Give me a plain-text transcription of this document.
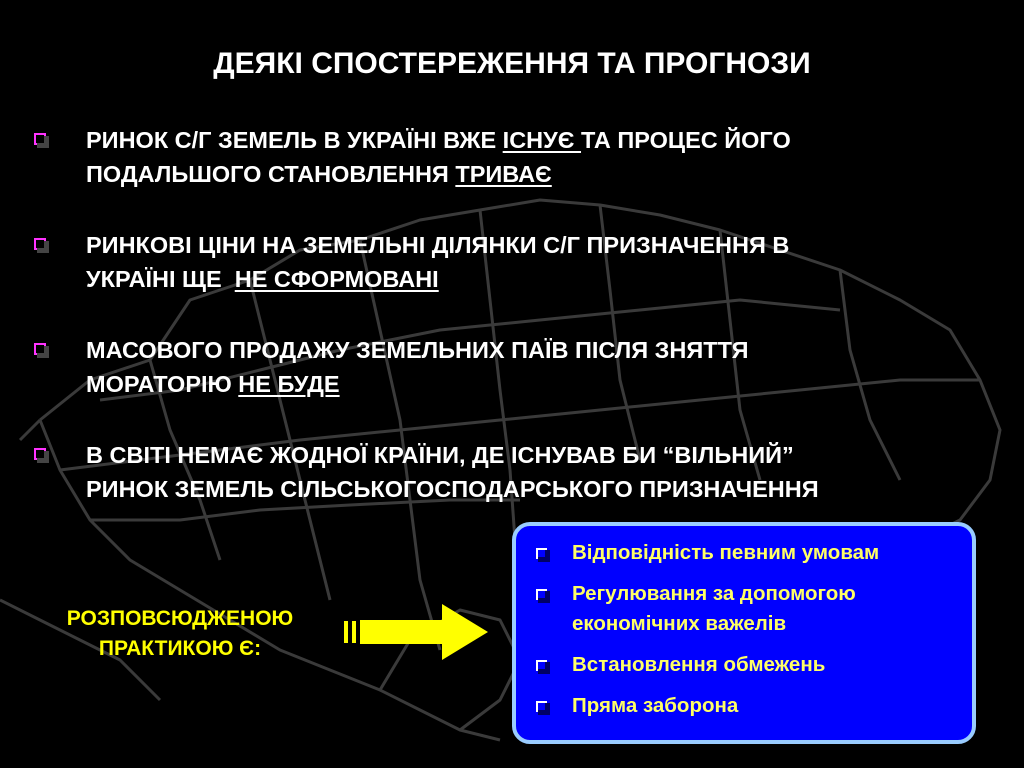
ДЕЯКІ СПОСТЕРЕЖЕННЯ ТА ПРОГНОЗИ
РИНОК С/Г ЗЕМЕЛЬ В УКРАЇНІ ВЖЕ ІСНУЄ ТА ПРОЦЕС ЙОГО
ПОДАЛЬШОГО СТАНОВЛЕННЯ ТРИВАЄ
РИНКОВІ ЦІНИ НА ЗЕМЕЛЬНІ ДІЛЯНКИ С/Г ПРИЗНАЧЕННЯ В
УКРАЇНІ ЩЕ  НЕ СФОРМОВАНІ
МАСОВОГО ПРОДАЖУ ЗЕМЕЛЬНИХ ПАЇВ ПІСЛЯ ЗНЯТТЯ
МОРАТОРІЮ НЕ БУДЕ
В СВІТІ НЕМАЄ ЖОДНОЇ КРАЇНИ, ДЕ ІСНУВАВ БИ “ВІЛЬНИЙ”
РИНОК ЗЕМЕЛЬ СІЛЬСЬКОГОСПОДАРСЬКОГО ПРИЗНАЧЕННЯ
РОЗПОВСЮДЖЕНОЮ
ПРАКТИКОЮ Є:
Відповідність певним умовам
Регулювання за допомогою економічних важелів
Встановлення обмежень
Пряма заборона
